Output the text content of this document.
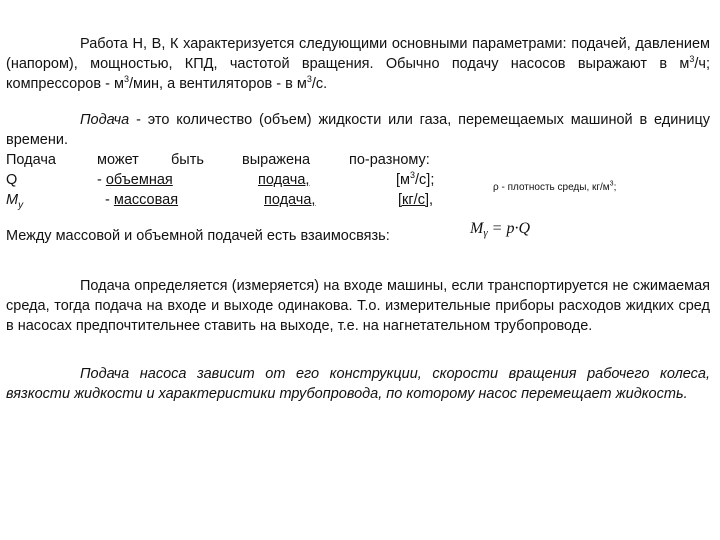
Работа Н, В, К характеризуется следующими основными параметрами: подачей, давлением (напором), мощностью, КПД, частотой вращения. Обычно подачу насосов выражают в $м^3/ч$; компрессоров - $м^3$/мин, а вентиляторов - в $м^3/с$.

Подача - это количество (объем) жидкости или газа, перемещаемых машиной в единицу времени.

Подача	может быть	выражена	по-разному:
Q	- объемная	подача,	$[м^3/с]$;
$M_у$	- массовая	подача,	[кг/с],
ρ - плотность среды, $кг/м^3$;
Между массовой и объемной подачей есть взаимосвязь:	$M_\gamma = p\cdot Q$

Подача определяется (измеряется) на входе машины, если транспортируется не сжимаемая среда, тогда подача на входе и выходе одинакова. Т.о. измерительные приборы расходов жидких сред в насосах предпочтительнее ставить на выходе, т.е. на нагнетательном трубопроводе.

Подача насоса зависит от его конструкции, скорости вращения рабочего колеса, вязкости жидкости и характеристики трубопровода, по которому насос перемещает жидкость.
